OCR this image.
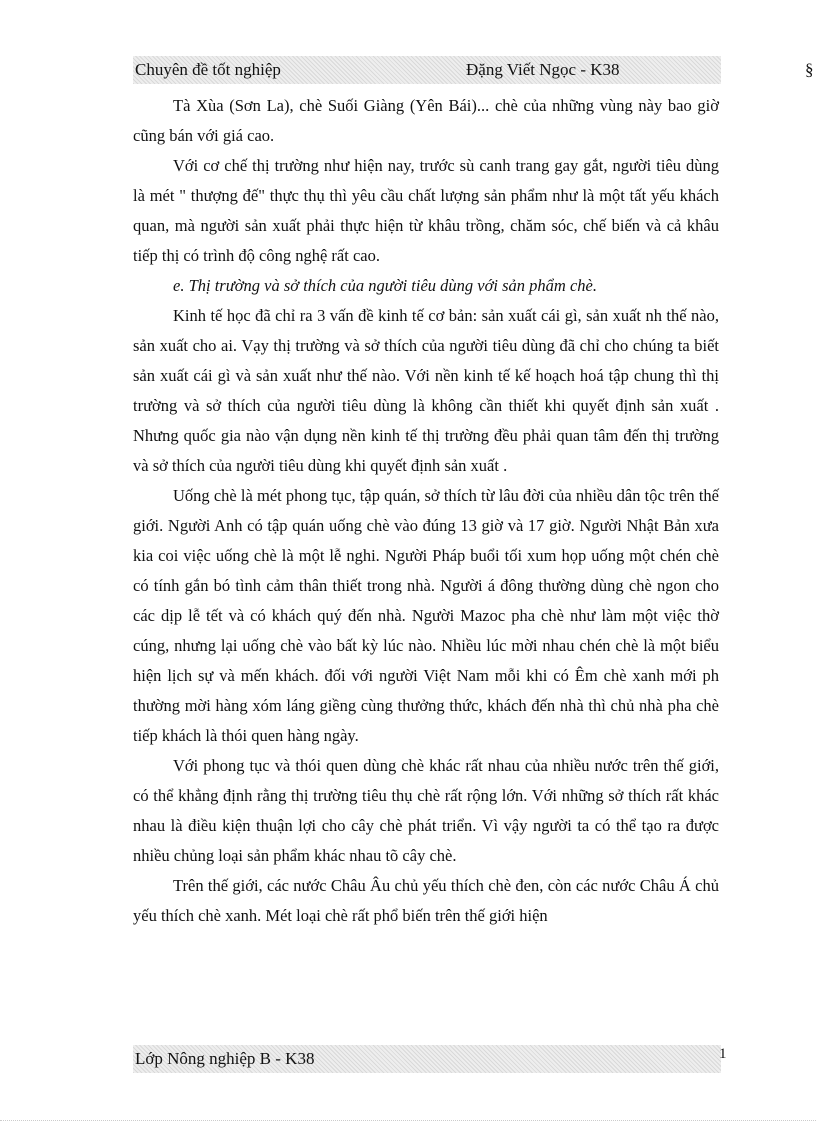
Chuyên đề tốt nghiệp	Đặng Viết Ngọc - K38	§

Tà Xùa (Sơn La), chè Suối Giàng (Yên Bái)... chè của những vùng này bao giờ cũng bán với giá cao.

Với cơ chế thị trường như hiện nay, trước sù canh trang gay gắt, người tiêu dùng là mét " thượng đế" thực thụ thì yêu cầu chất lượng sản phẩm như là một tất yếu khách quan, mà người sản xuất phải thực hiện từ khâu trồng, chăm sóc, chế biến và cả khâu tiếp thị có trình độ công nghệ rất cao.

e. Thị trường và sở thích của người tiêu dùng với sản phẩm chè.

Kinh tế học đã chỉ ra 3 vấn đề kinh tế cơ bản: sản xuất cái gì, sản xuất nh thế nào, sản xuất cho ai. Vạy thị trường và sở thích của người tiêu dùng đã chỉ cho chúng ta biết sản xuất cái gì và sản xuất như thế nào. Với nền kinh tế kế hoạch hoá tập chung thì thị trường và sở thích của người tiêu dùng là không cần thiết khi quyết định sản xuất . Nhưng quốc gia nào vận dụng nền kinh tế thị trường đều phải quan tâm đến thị trường và sở thích của người tiêu dùng khi quyết định sản xuất .

Uống chè là mét phong tục, tập quán, sở thích từ lâu đời của nhiều dân tộc trên thế giới. Người Anh có tập quán uống chè vào đúng 13 giờ và 17 giờ. Người Nhật Bản xưa kia coi việc uống chè là một lễ nghi. Người Pháp buổi tối xum họp uống một chén chè có tính gắn bó tình cảm thân thiết trong nhà. Người á đông thường dùng chè ngon cho các dịp lễ tết và có khách quý đến nhà. Người Mazoc pha chè như làm một việc thờ cúng, nhưng lại uống chè vào bất kỳ lúc nào. Nhiều lúc mời nhau chén chè là một biểu hiện lịch sự và mến khách. đối với người Việt Nam mỗi khi có Êm chè xanh mới ph thường mời hàng xóm láng giềng cùng thưởng thức, khách đến nhà thì chủ nhà pha chè tiếp khách là thói quen hàng ngày.

Với phong tục và thói quen dùng chè khác rất nhau của nhiều nước trên thế giới, có thể khẳng định rằng thị trường tiêu thụ chè rất rộng lớn. Với những sở thích rất khác nhau là điều kiện thuận lợi cho cây chè phát triển. Vì vậy người ta có thể tạo ra được nhiều chủng loại sản phẩm khác nhau tõ cây chè.

Trên thế giới, các nước Châu Âu chủ yếu thích chè đen, còn các nước Châu Á chủ yếu thích chè xanh. Mét loại chè rất phổ biến trên thế giới hiện

Lớp Nông nghiệp B - K38	1
